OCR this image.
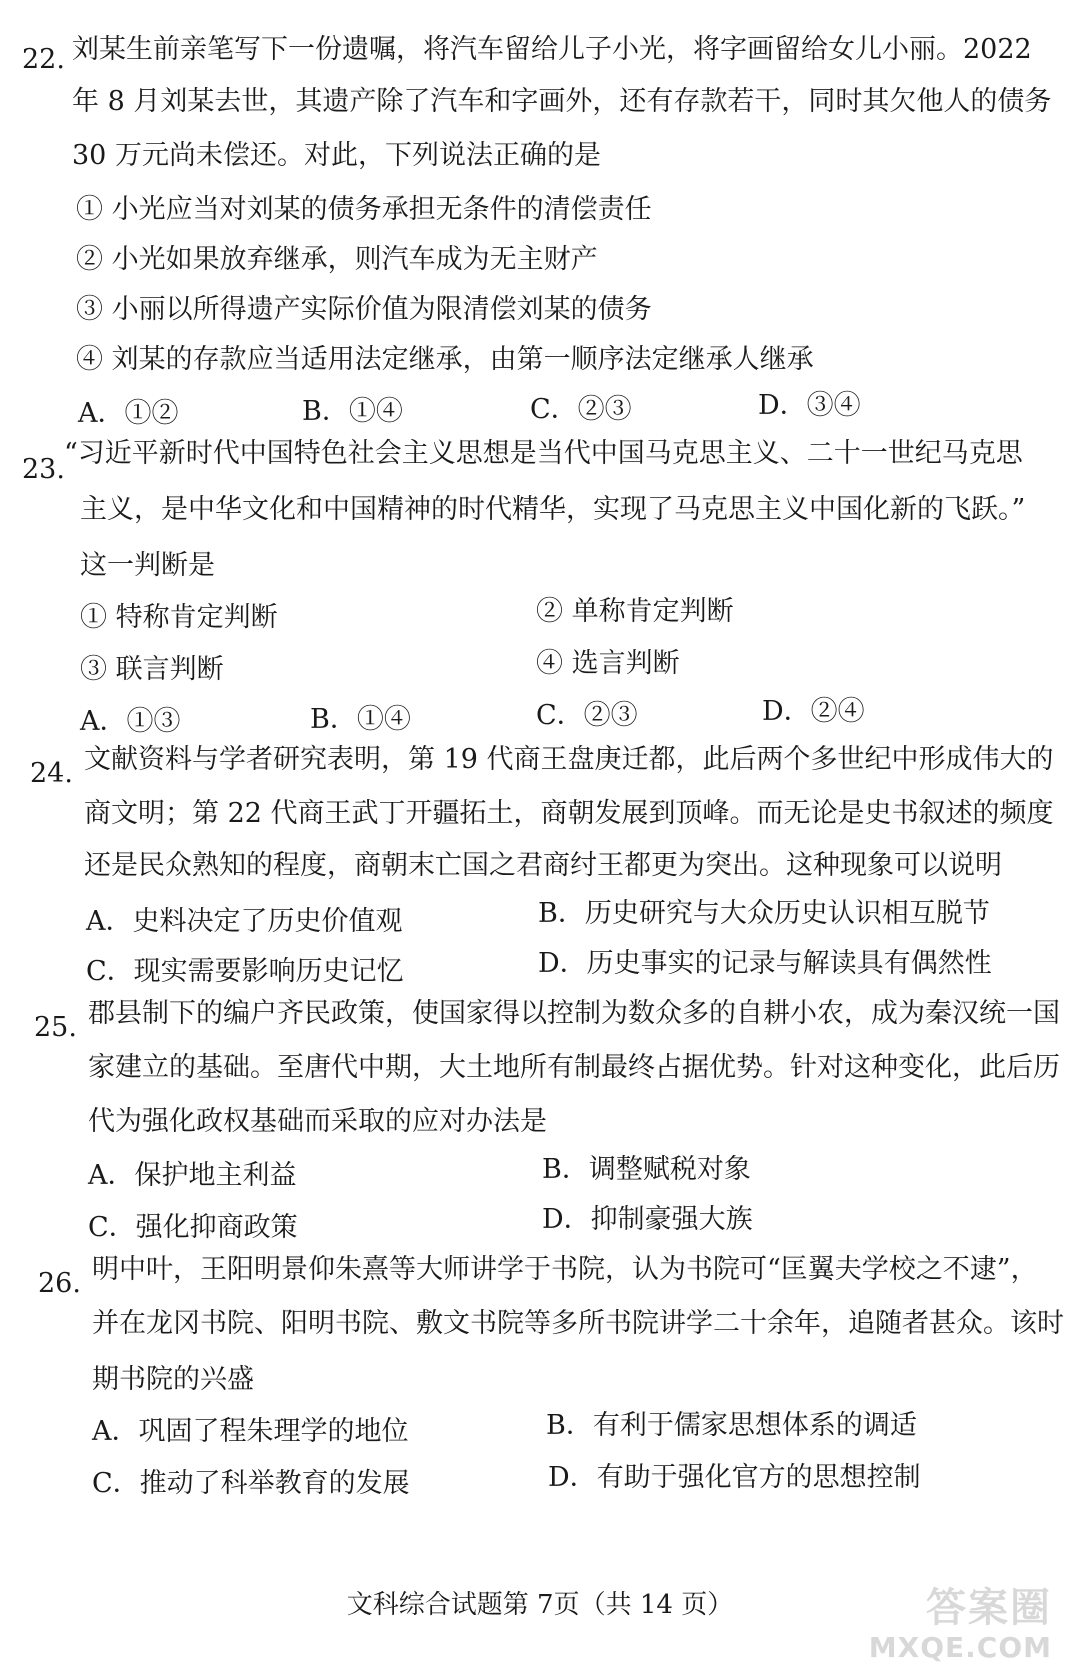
22. 刘某生前亲笔写下一份遗嘱，将汽车留给儿子小光，将字画留给女儿小丽。2022
年 8 月刘某去世，其遗产除了汽车和字画外，还有存款若干，同时其欠他人的债务
30 万元尚未偿还。对此，下列说法正确的是
① 小光应当对刘某的债务承担无条件的清偿责任
② 小光如果放弃继承，则汽车成为无主财产
③ 小丽以所得遗产实际价值为限清偿刘某的债务
④ 刘某的存款应当适用法定继承，由第一顺序法定继承人继承
A．①②	B．①④	C．②③	D．③④
23.
“习近平新时代中国特色社会主义思想是当代中国马克思主义、二十一世纪马克思
主义，是中华文化和中国精神的时代精华，实现了马克思主义中国化新的飞跃。”
这一判断是
① 特称肯定判断	② 单称肯定判断
③ 联言判断	④ 选言判断
A．①③	B．①④	C．②③	D．②④
24. 文献资料与学者研究表明，第 19 代商王盘庚迁都，此后两个多世纪中形成伟大的
商文明；第 22 代商王武丁开疆拓土，商朝发展到顶峰。而无论是史书叙述的频度
还是民众熟知的程度，商朝末亡国之君商纣王都更为突出。这种现象可以说明
A．史料决定了历史价值观	B．历史研究与大众历史认识相互脱节
C．现实需要影响历史记忆	D．历史事实的记录与解读具有偶然性
25. 郡县制下的编户齐民政策，使国家得以控制为数众多的自耕小农，成为秦汉统一国
家建立的基础。至唐代中期，大土地所有制最终占据优势。针对这种变化，此后历
代为强化政权基础而采取的应对办法是
A．保护地主利益	B．调整赋税对象
C．强化抑商政策	D．抑制豪强大族
26. 明中叶，王阳明景仰朱熹等大师讲学于书院，认为书院可“匡翼夫学校之不逮”，
并在龙冈书院、阳明书院、敷文书院等多所书院讲学二十余年，追随者甚众。该时
期书院的兴盛
A．巩固了程朱理学的地位	B．有利于儒家思想体系的调适
C．推动了科举教育的发展	D．有助于强化官方的思想控制
文科综合试题第 7页（共 14 页）	答案圈
MXQE.COM
